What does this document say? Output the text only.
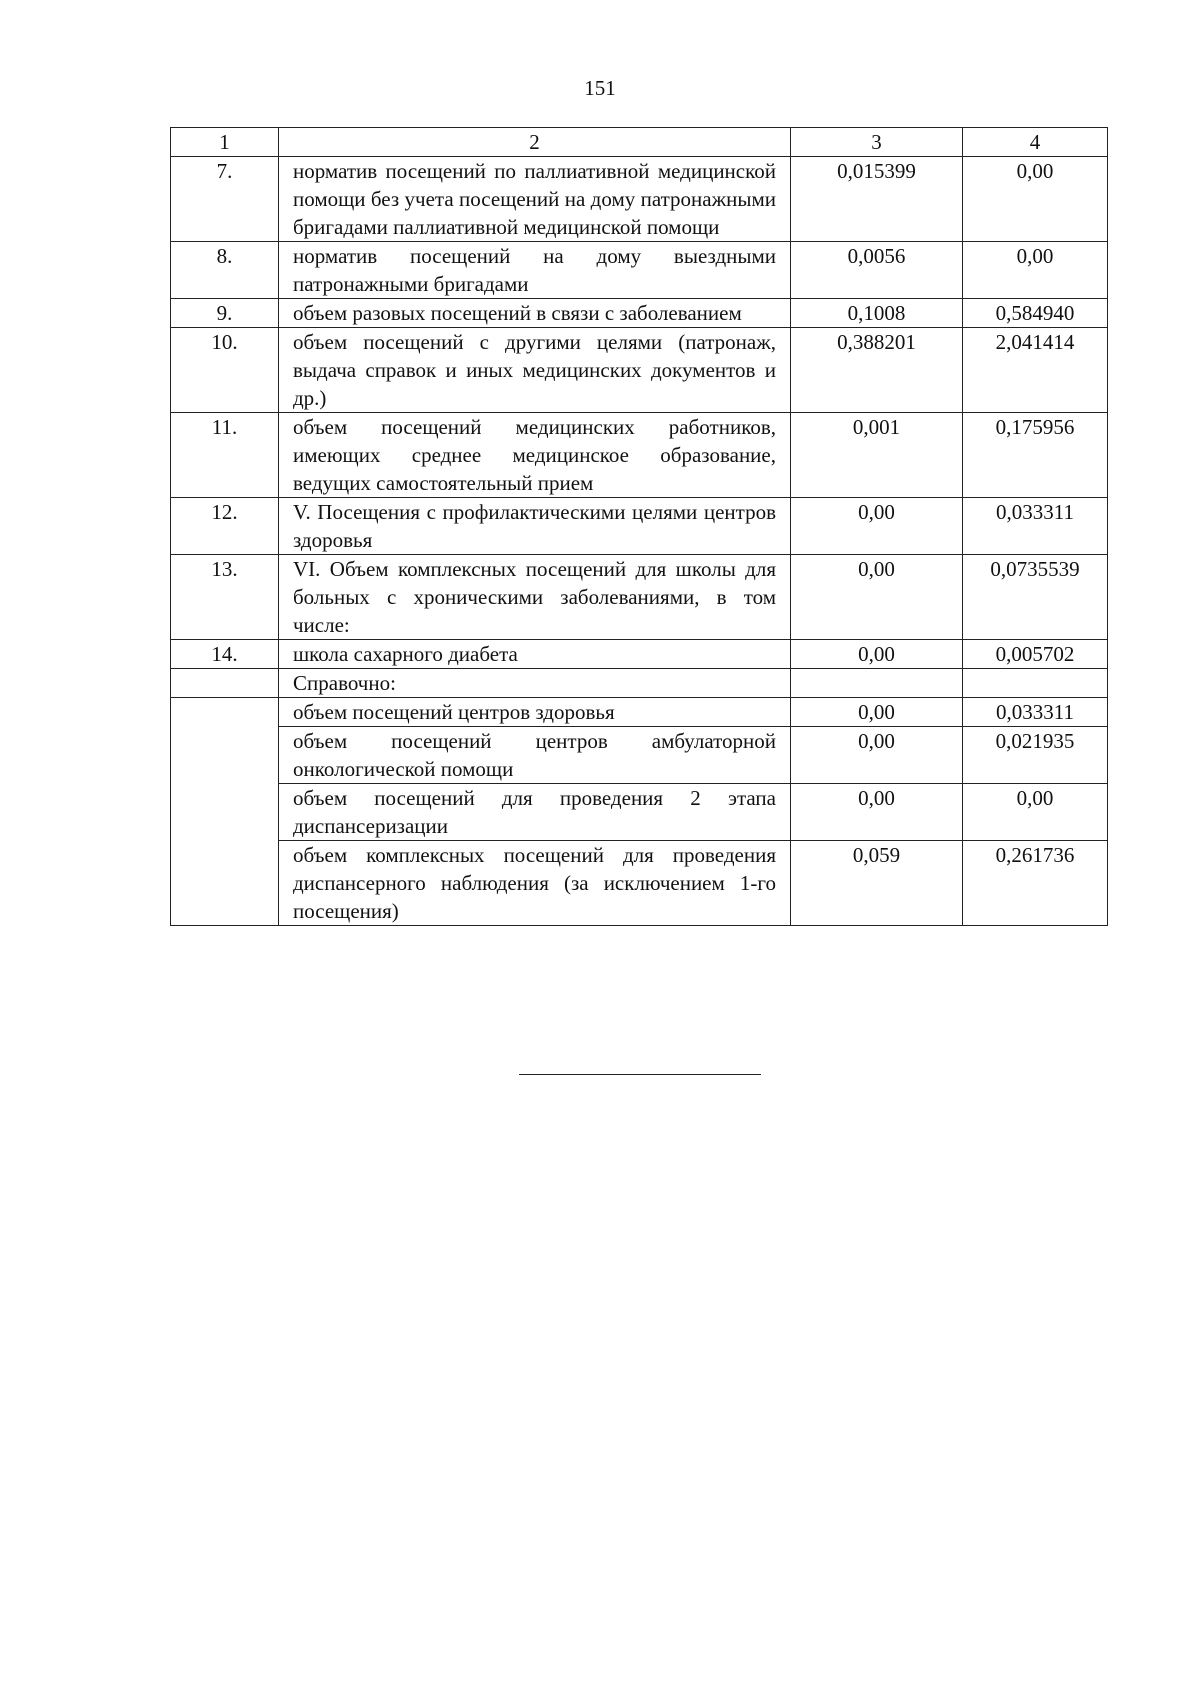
151
1	2	3	4
7.	норматив посещений по паллиативной медицинской помощи без учета посещений на дому патронажными бригадами паллиативной медицинской помощи	0,015399	0,00
8.	норматив посещений на дому выездными патронажными бригадами	0,0056	0,00
9.	объем разовых посещений в связи с заболеванием	0,1008	0,584940
10.	объем посещений с другими целями (патронаж, выдача справок и иных медицинских документов и др.)	0,388201	2,041414
11.	объем посещений медицинских работников, имеющих среднее медицинское образование, ведущих самостоятельный прием	0,001	0,175956
12.	V. Посещения с профилактическими целями центров здоровья	0,00	0,033311
13.	VI. Объем комплексных посещений для школы для больных с хроническими заболеваниями, в том числе:	0,00	0,0735539
14.	школа сахарного диабета	0,00	0,005702
	Справочно:		
	объем посещений центров здоровья	0,00	0,033311
	объем посещений центров амбулаторной онкологической помощи	0,00	0,021935
	объем посещений для проведения 2 этапа диспансеризации	0,00	0,00
	объем комплексных посещений для проведения диспансерного наблюдения (за исключением 1-го посещения)	0,059	0,261736
